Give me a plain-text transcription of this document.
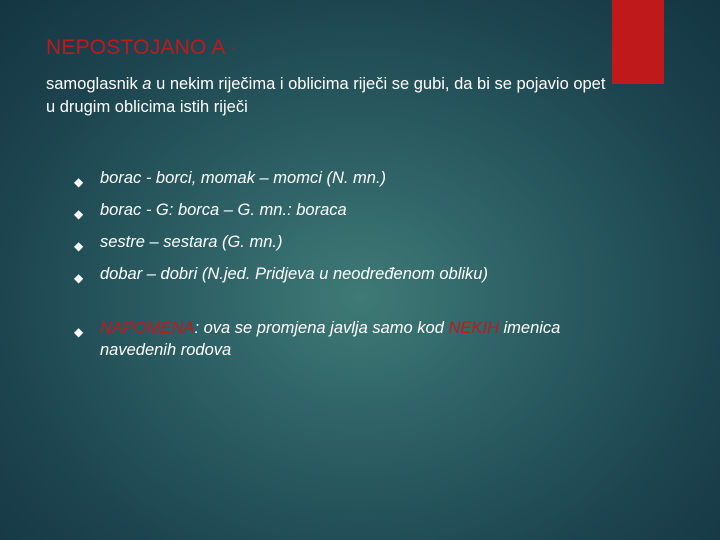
NEPOSTOJANO A -
samoglasnik a u nekim riječima i oblicima riječi se gubi, da bi se pojavio opet u drugim oblicima istih riječi
◆ borac - borci, momak – momci (N. mn.)
◆ borac - G: borca – G. mn.: boraca
◆ sestre – sestara (G. mn.)
◆ dobar – dobri (N.jed. Pridjeva u neodređenom obliku)
◆ NAPOMENA: ova se promjena javlja samo kod NEKIH imenica navedenih rodova
